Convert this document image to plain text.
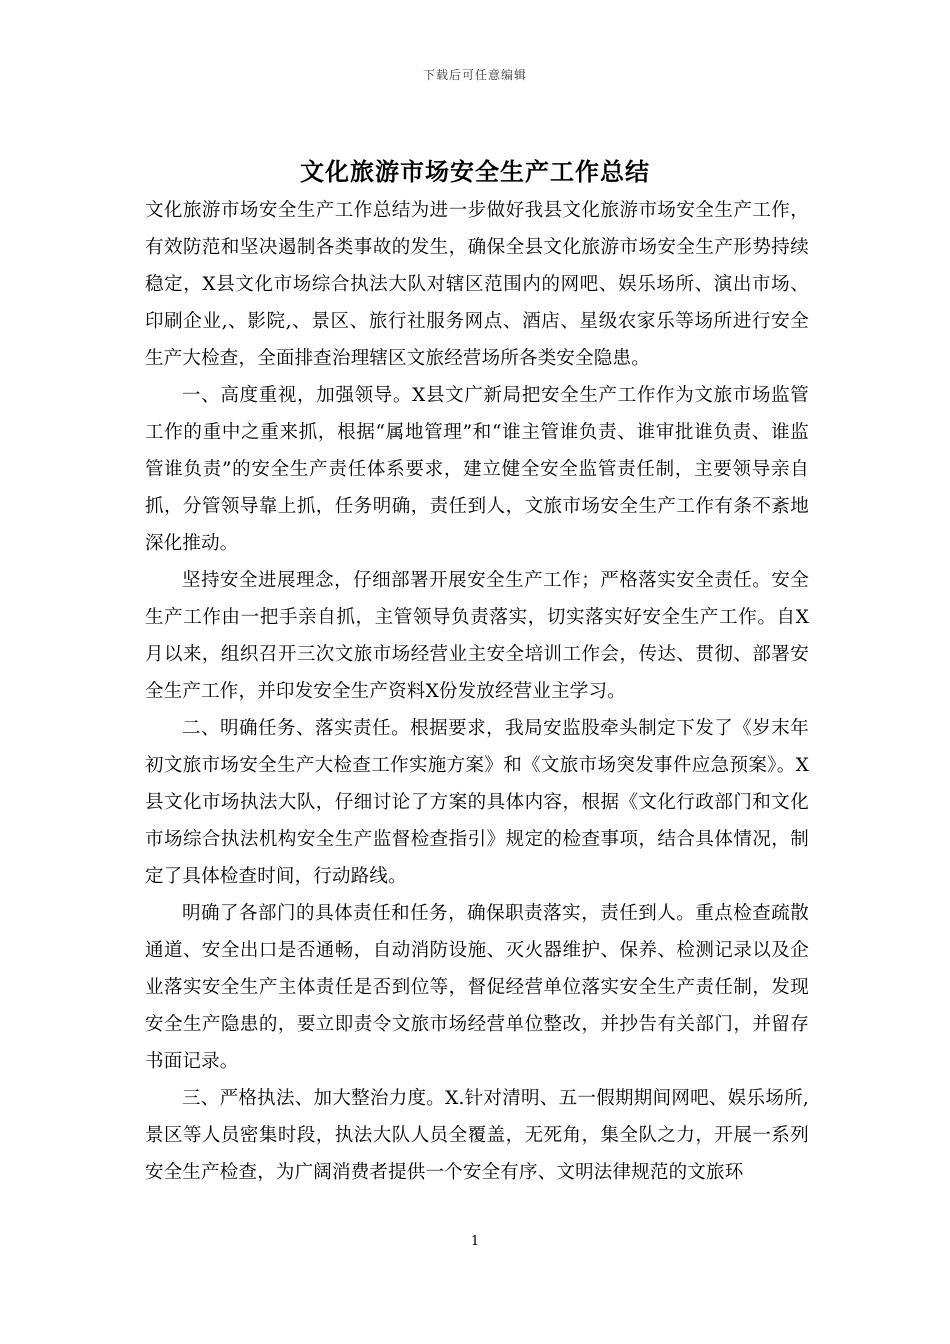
下载后可任意编辑
文化旅游市场安全生产工作总结

文化旅游市场安全生产工作总结为进一步做好我县文化旅游市场安全生产工作，有效防范和坚决遏制各类事故的发生，确保全县文化旅游市场安全生产形势持续稳定，X县文化市场综合执法大队对辖区范围内的网吧、娱乐场所、演出市场、印刷企业,、影院,、景区、旅行社服务网点、酒店、星级农家乐等场所进行安全生产大检查，全面排查治理辖区文旅经营场所各类安全隐患。

一、高度重视，加强领导。X县文广新局把安全生产工作作为文旅市场监管工作的重中之重来抓，根据“属地管理”和“谁主管谁负责、谁审批谁负责、谁监管谁负责”的安全生产责任体系要求，建立健全安全监管责任制，主要领导亲自抓，分管领导靠上抓，任务明确，责任到人，文旅市场安全生产工作有条不紊地深化推动。

坚持安全进展理念，仔细部署开展安全生产工作；严格落实安全责任。安全生产工作由一把手亲自抓，主管领导负责落实，切实落实好安全生产工作。自X月以来，组织召开三次文旅市场经营业主安全培训工作会，传达、贯彻、部署安全生产工作，并印发安全生产资料X份发放经营业主学习。

二、明确任务、落实责任。根据要求，我局安监股牵头制定下发了《岁末年初文旅市场安全生产大检查工作实施方案》和《文旅市场突发事件应急预案》。X县文化市场执法大队，仔细讨论了方案的具体内容，根据《文化行政部门和文化市场综合执法机构安全生产监督检查指引》规定的检查事项，结合具体情况，制定了具体检查时间，行动路线。

明确了各部门的具体责任和任务，确保职责落实，责任到人。重点检查疏散通道、安全出口是否通畅，自动消防设施、灭火器维护、保养、检测记录以及企业落实安全生产主体责任是否到位等，督促经营单位落实安全生产责任制，发现安全生产隐患的，要立即责令文旅市场经营单位整改，并抄告有关部门，并留存书面记录。

三、严格执法、加大整治力度。X.针对清明、五一假期期间网吧、娱乐场所,景区等人员密集时段，执法大队人员全覆盖，无死角，集全队之力，开展一系列安全生产检查，为广阔消费者提供一个安全有序、文明法律规范的文旅环

1
